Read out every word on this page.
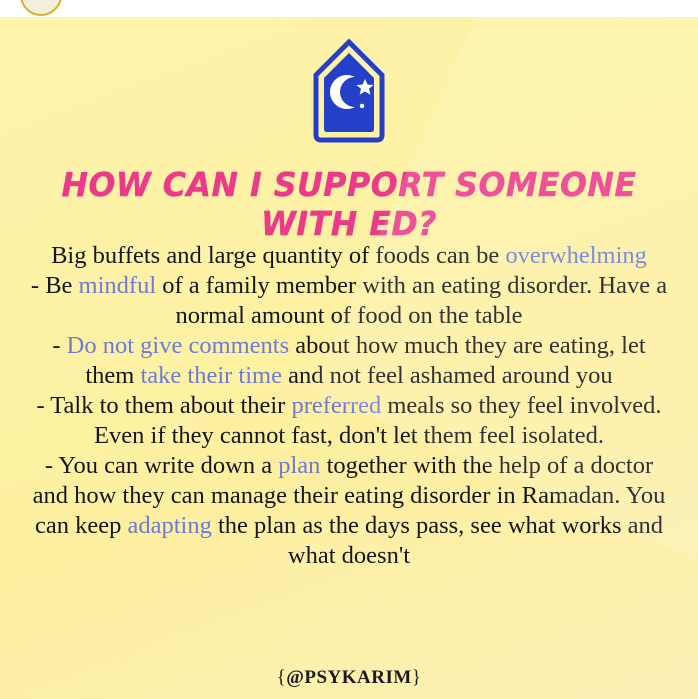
HOW CAN I SUPPORT SOMEONE WITH ED?

Big buffets and large quantity of foods can be overwhelming

- Be mindful of a family member with an eating disorder. Have a normal amount of food on the table

- Do not give comments about how much they are eating, let them take their time and not feel ashamed around you

- Talk to them about their preferred meals so they feel involved. Even if they cannot fast, don't let them feel isolated.

- You can write down a plan together with the help of a doctor and how they can manage their eating disorder in Ramadan. You can keep adapting the plan as the days pass, see what works and what doesn't

{@PSYKARIM}
